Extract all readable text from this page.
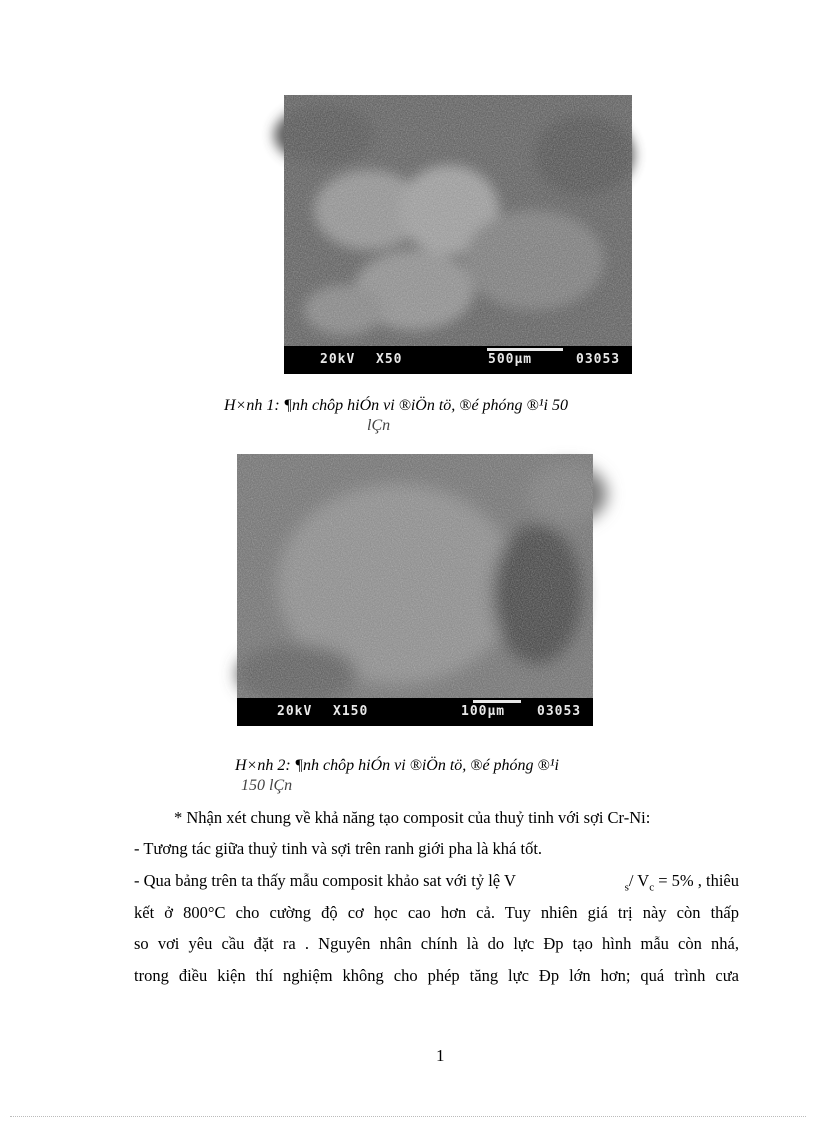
20kV X50	500µm	03053
H×nh 1: ¶nh chôp hiÓn vi ®iÖn tö, ®é phóng ®¹i 50
lÇn
20kV X150	100µm 03053
H×nh 2: ¶nh chôp hiÓn vi ®iÖn tö, ®é phóng ®¹i
150 lÇn
* Nhận xét chung về khả năng tạo composit của thuỷ tinh với sợi Cr-Ni:
- Tương tác giữa thuỷ tinh và sợi trên ranh giới pha là khá tốt.
- Qua bảng trên ta thấy mẫu composit khảo sat với tỷ lệ V	$_s$/ $V_c = 5\%$ , thiêu
kết ở 800°C cho cường độ cơ học cao hơn cả. Tuy nhiên giá trị này còn thấp
so vơi yêu cầu đặt ra . Nguyên nhân chính là do lực Đp tạo hình mẫu còn nhá,
trong điều kiện thí nghiệm không cho phép tăng lực Đp lớn hơn; quá trình cưa
1
